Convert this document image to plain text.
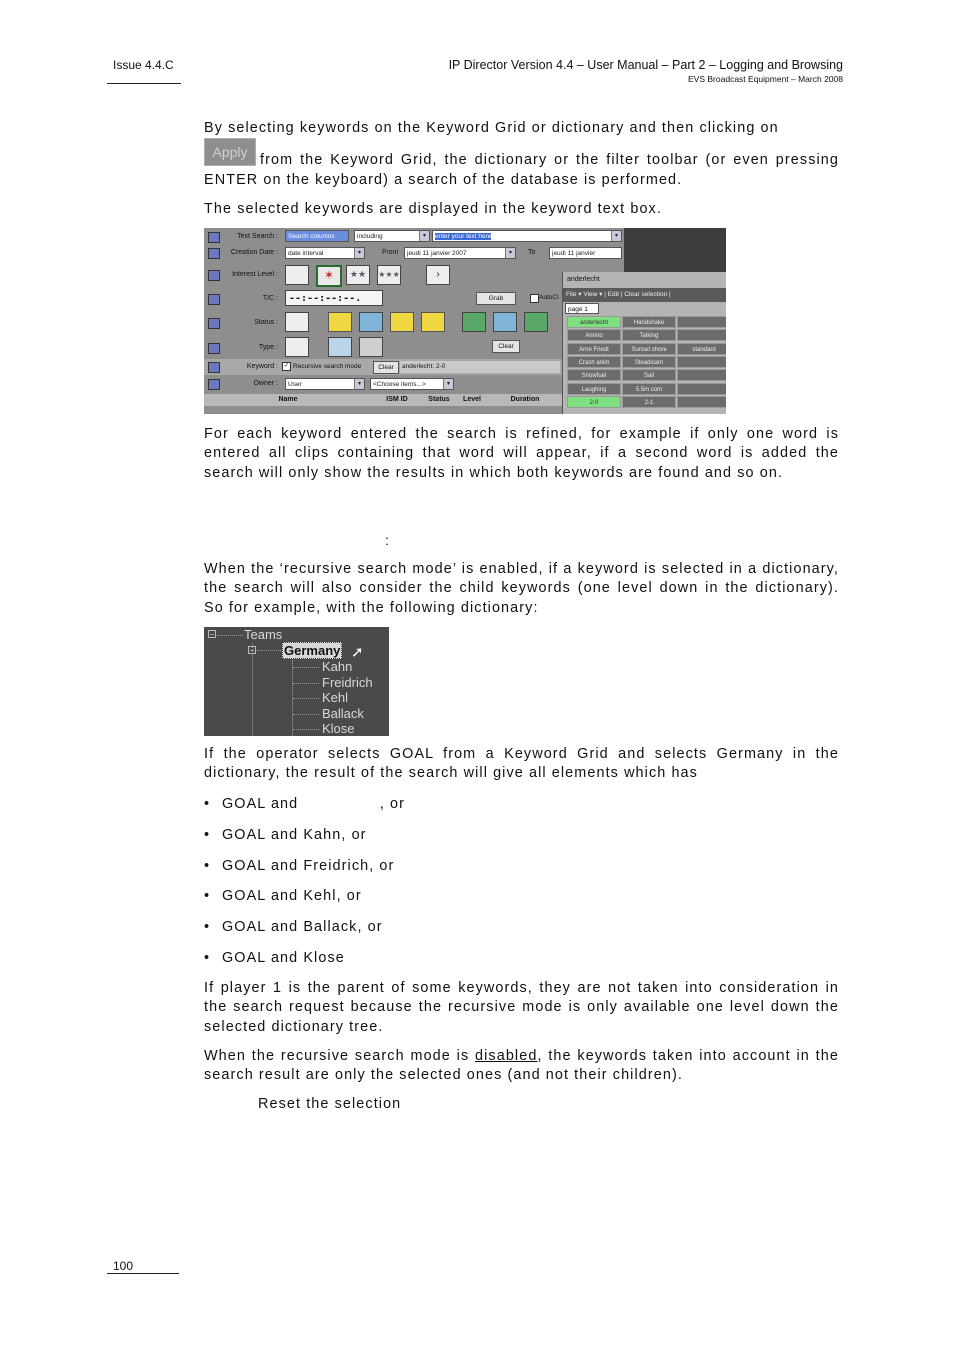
Issue 4.4.C	IP Director Version 4.4 – User Manual – Part 2 – Logging and Browsing
EVS Broadcast Equipment – March 2008
By selecting keywords on the Keyword Grid or dictionary and then clicking on
Apply from the Keyword Grid, the dictionary or the filter toolbar (or even pressing
ENTER on the keyboard) a search of the database is performed.
The selected keywords are displayed in the keyword text box.
Text Search :	Search columns	including	▾	enter your text here	▾
Creation Date :	date interval	▾	From	jeudi 11 janvier 2007	▾	To	jeudi 11 janvier
Interest Level :	✶	★★	★★★	›
T/C :	--:--:--:--.	Grab	AutoCl
Status :
Type :	Clear
Keyword : ✓ Recursive search mode	Clear	anderlecht: 2-0
Owner :	User	▾	<Choose items...>	▾
Name	ISM ID	Status	Level	Duration
anderlecht
File ▾ View ▾ | Edit | Clear selection |
page 1
anderlecht	Handshake
Ammo	Talking
Arne Friedt	Sunset shore	standard
Crash anim	Steadicam
Snowfuel	Sail
Laughing	5.5m com
2-0	2-1
For each keyword entered the search is refined, for example if only one word is entered all clips containing that word will appear, if a second word is added the search will only show the results in which both keywords are found and so on.
:
When the ‘recursive search mode’ is enabled, if a keyword is selected in a dictionary, the search will also consider the child keywords (one level down in the dictionary). So for example, with the following dictionary:
− Teams
− Germany ➚
Kahn
Freidrich
Kehl
Ballack
Klose
If the operator selects GOAL from a Keyword Grid and selects Germany in the dictionary, the result of the search will give all elements which has
• GOAL and                , or
• GOAL and Kahn, or
• GOAL and Freidrich, or
• GOAL and Kehl, or
• GOAL and Ballack, or
• GOAL and Klose
If player 1 is the parent of some keywords, they are not taken into consideration in the search request because the recursive mode is only available one level down the selected dictionary tree.
When the recursive search mode is disabled, the keywords taken into account in the search result are only the selected ones (and not their children).
Reset the selection
100
